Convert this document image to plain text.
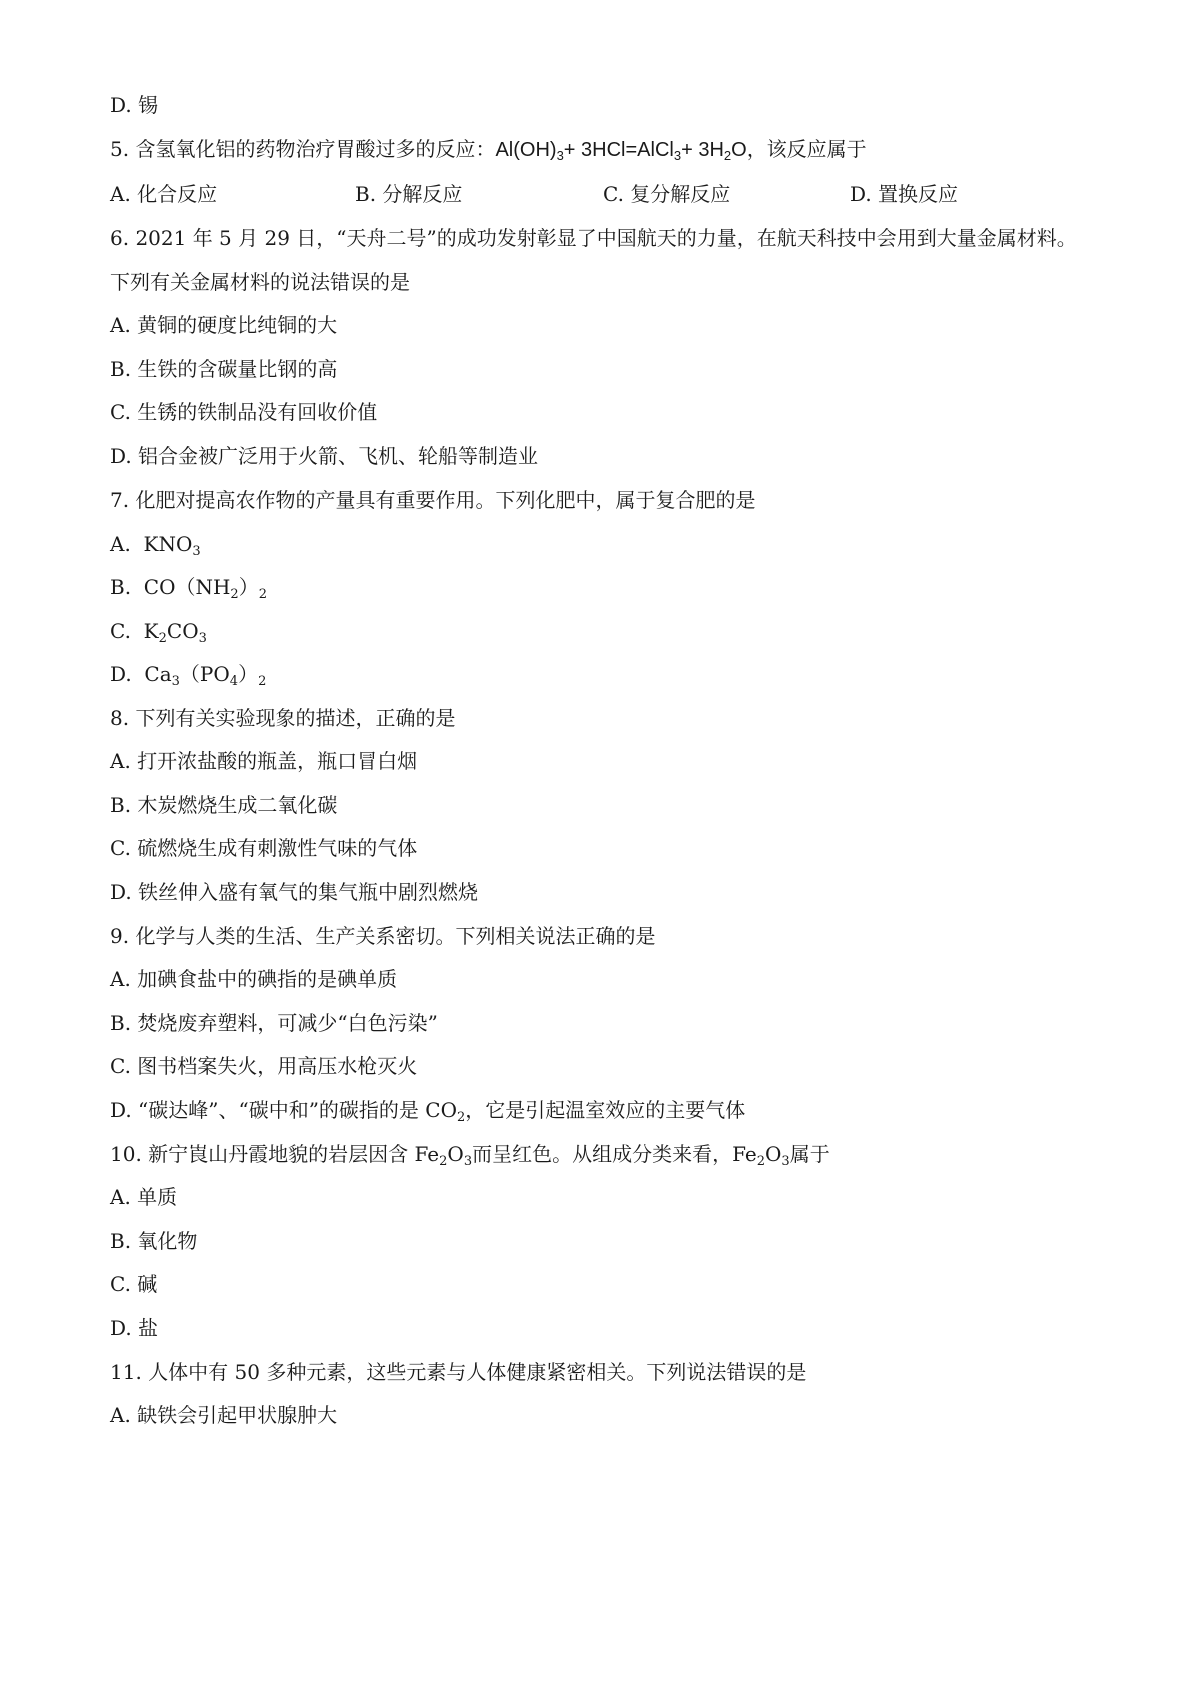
D. 锡
5. 含氢氧化铝的药物治疗胃酸过多的反应：$Al(OH)_3+$ 3HCl=AlCl$_3$+ $3H_2O$，该反应属于
A. 化合反应	B. 分解反应	C. 复分解反应	D. 置换反应
6. 2021 年 5 月 29 日，“天舟二号”的成功发射彰显了中国航天的力量，在航天科技中会用到大量金属材料。
下列有关金属材料的说法错误的是
A. 黄铜的硬度比纯铜的大
B. 生铁的含碳量比钢的高
C. 生锈的铁制品没有回收价值
D. 铝合金被广泛用于火箭、飞机、轮船等制造业
7. 化肥对提高农作物的产量具有重要作用。下列化肥中，属于复合肥的是
A. $KNO_3$
B. $CO(NH_2)_2$
C. $K_2CO_3$
D. $Ca_3(PO_4)_2$
8. 下列有关实验现象的描述，正确的是
A. 打开浓盐酸的瓶盖，瓶口冒白烟
B. 木炭燃烧生成二氧化碳
C. 硫燃烧生成有刺激性气味的气体
D. 铁丝伸入盛有氧气的集气瓶中剧烈燃烧
9. 化学与人类的生活、生产关系密切。下列相关说法正确的是
A. 加碘食盐中的碘指的是碘单质
B. 焚烧废弃塑料，可减少“白色污染”
C. 图书档案失火，用高压水枪灭火
D. “碳达峰”、“碳中和”的碳指的是 $CO_2$，它是引起温室效应的主要气体
10. 新宁崀山丹霞地貌的岩层因含 $Fe_2O_3$而呈红色。从组成分类来看，$Fe_2O_3$属于
A. 单质
B. 氧化物
C. 碱
D. 盐
11. 人体中有 50 多种元素，这些元素与人体健康紧密相关。下列说法错误的是
A. 缺铁会引起甲状腺肿大
